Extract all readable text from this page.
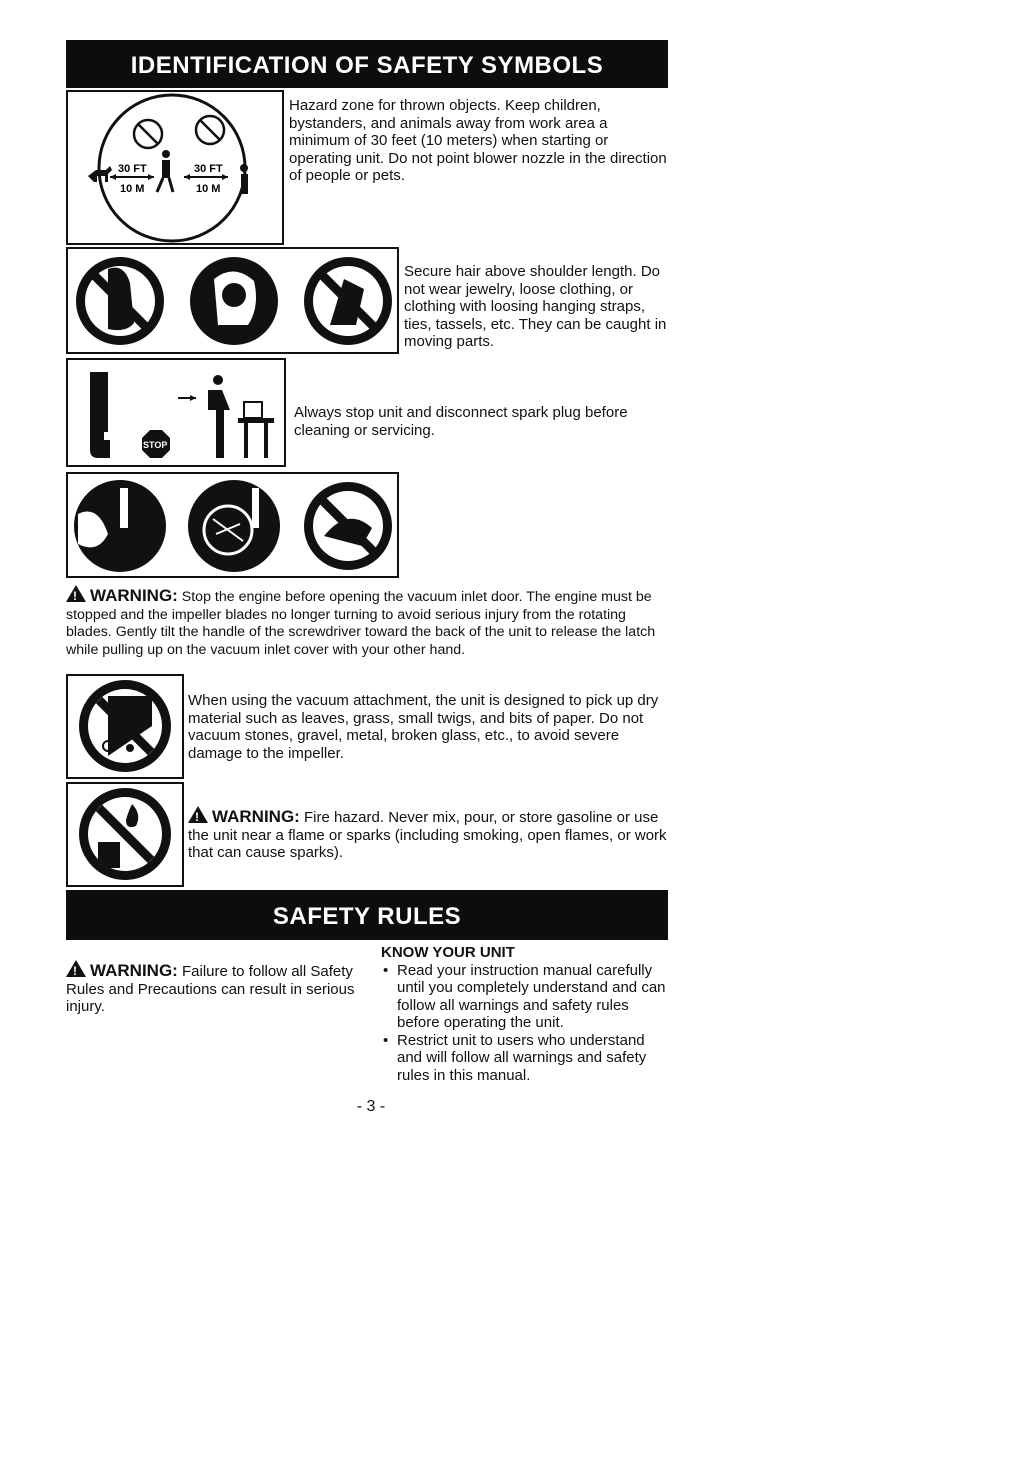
IDENTIFICATION OF SAFETY SYMBOLS
30 FT
10 M
30 FT
10 M
Hazard zone for thrown objects. Keep children, bystanders, and animals away from work area a minimum of 30 feet (10 meters) when starting or operating unit. Do not point blower nozzle in the direction of people or pets.
Secure hair above shoulder length. Do not wear jewelry, loose clothing, or clothing with loosing hanging straps, ties, tassels, etc. They can be caught in moving parts.
STOP
Always stop unit and disconnect spark plug before cleaning or servicing.
!WARNING: Stop the engine before opening the vacuum inlet door. The engine must be stopped and the impeller blades no longer turning to avoid serious injury from the rotating blades. Gently tilt the handle of the screwdriver toward the back of the unit to release the latch while pulling up on the vacuum inlet cover with your other hand.
When using the vacuum attachment, the unit is designed to pick up dry material such as leaves, grass, small twigs, and bits of paper. Do not vacuum stones, gravel, metal, broken glass, etc., to avoid severe damage to the impeller.
!WARNING: Fire hazard. Never mix, pour, or store gasoline or use the unit near a flame or sparks (including smoking, open flames, or work that can cause sparks).
SAFETY RULES
!WARNING: Failure to follow all Safety Rules and Precautions can result in serious injury.
KNOW YOUR UNIT
• Read your instruction manual carefully until you completely understand and can follow all warnings and safety rules before operating the unit.
• Restrict unit to users who understand and will follow all warnings and safety rules in this manual.
- 3 -
